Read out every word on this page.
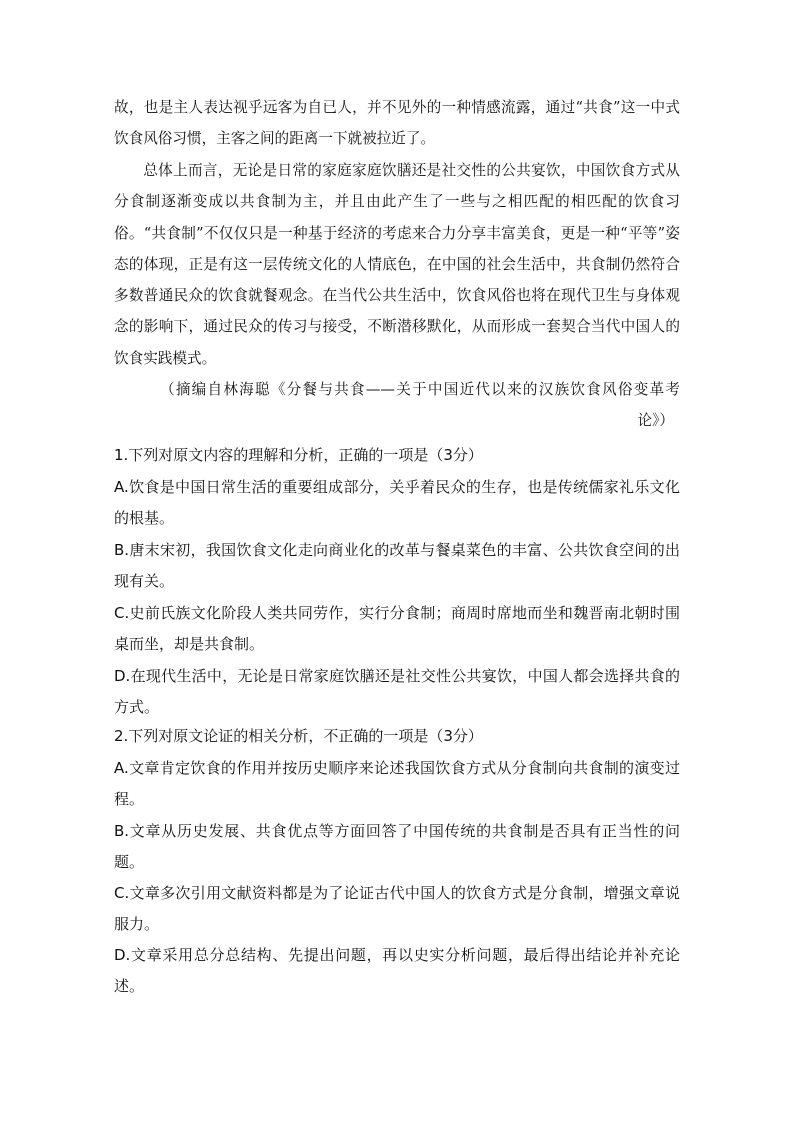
故，也是主人表达视乎远客为自已人，并不见外的一种情感流露，通过“共食”这一中式饮食风俗习惯，主客之间的距离一下就被拉近了。

总体上而言，无论是日常的家庭家庭饮膳还是社交性的公共宴饮，中国饮食方式从分食制逐渐变成以共食制为主，并且由此产生了一些与之相匹配的相匹配的饮食习俗。“共食制”不仅仅只是一种基于经济的考虑来合力分享丰富美食，更是一种“平等”姿态的体现，正是有这一层传统文化的人情底色，在中国的社会生活中，共食制仍然符合多数普通民众的饮食就餐观念。在当代公共生活中，饮食风俗也将在现代卫生与身体观念的影响下，通过民众的传习与接受，不断潜移默化，从而形成一套契合当代中国人的饮食实践模式。

（摘编自林海聪《分餐与共食——关于中国近代以来的汉族饮食风俗变革考
论》）

1.下列对原文内容的理解和分析，正确的一项是（3分）

A.饮食是中国日常生活的重要组成部分，关乎着民众的生存，也是传统儒家礼乐文化的根基。

B.唐末宋初，我国饮食文化走向商业化的改革与餐桌菜色的丰富、公共饮食空间的出现有关。

C.史前氏族文化阶段人类共同劳作，实行分食制；商周时席地而坐和魏晋南北朝时围桌而坐，却是共食制。

D.在现代生活中，无论是日常家庭饮膳还是社交性公共宴饮，中国人都会选择共食的方式。

2.下列对原文论证的相关分析，不正确的一项是（3分）

A.文章肯定饮食的作用并按历史顺序来论述我国饮食方式从分食制向共食制的演变过程。

B.文章从历史发展、共食优点等方面回答了中国传统的共食制是否具有正当性的问题。

C.文章多次引用文献资料都是为了论证古代中国人的饮食方式是分食制，增强文章说服力。

D.文章采用总分总结构、先提出问题，再以史实分析问题，最后得出结论并补充论述。
